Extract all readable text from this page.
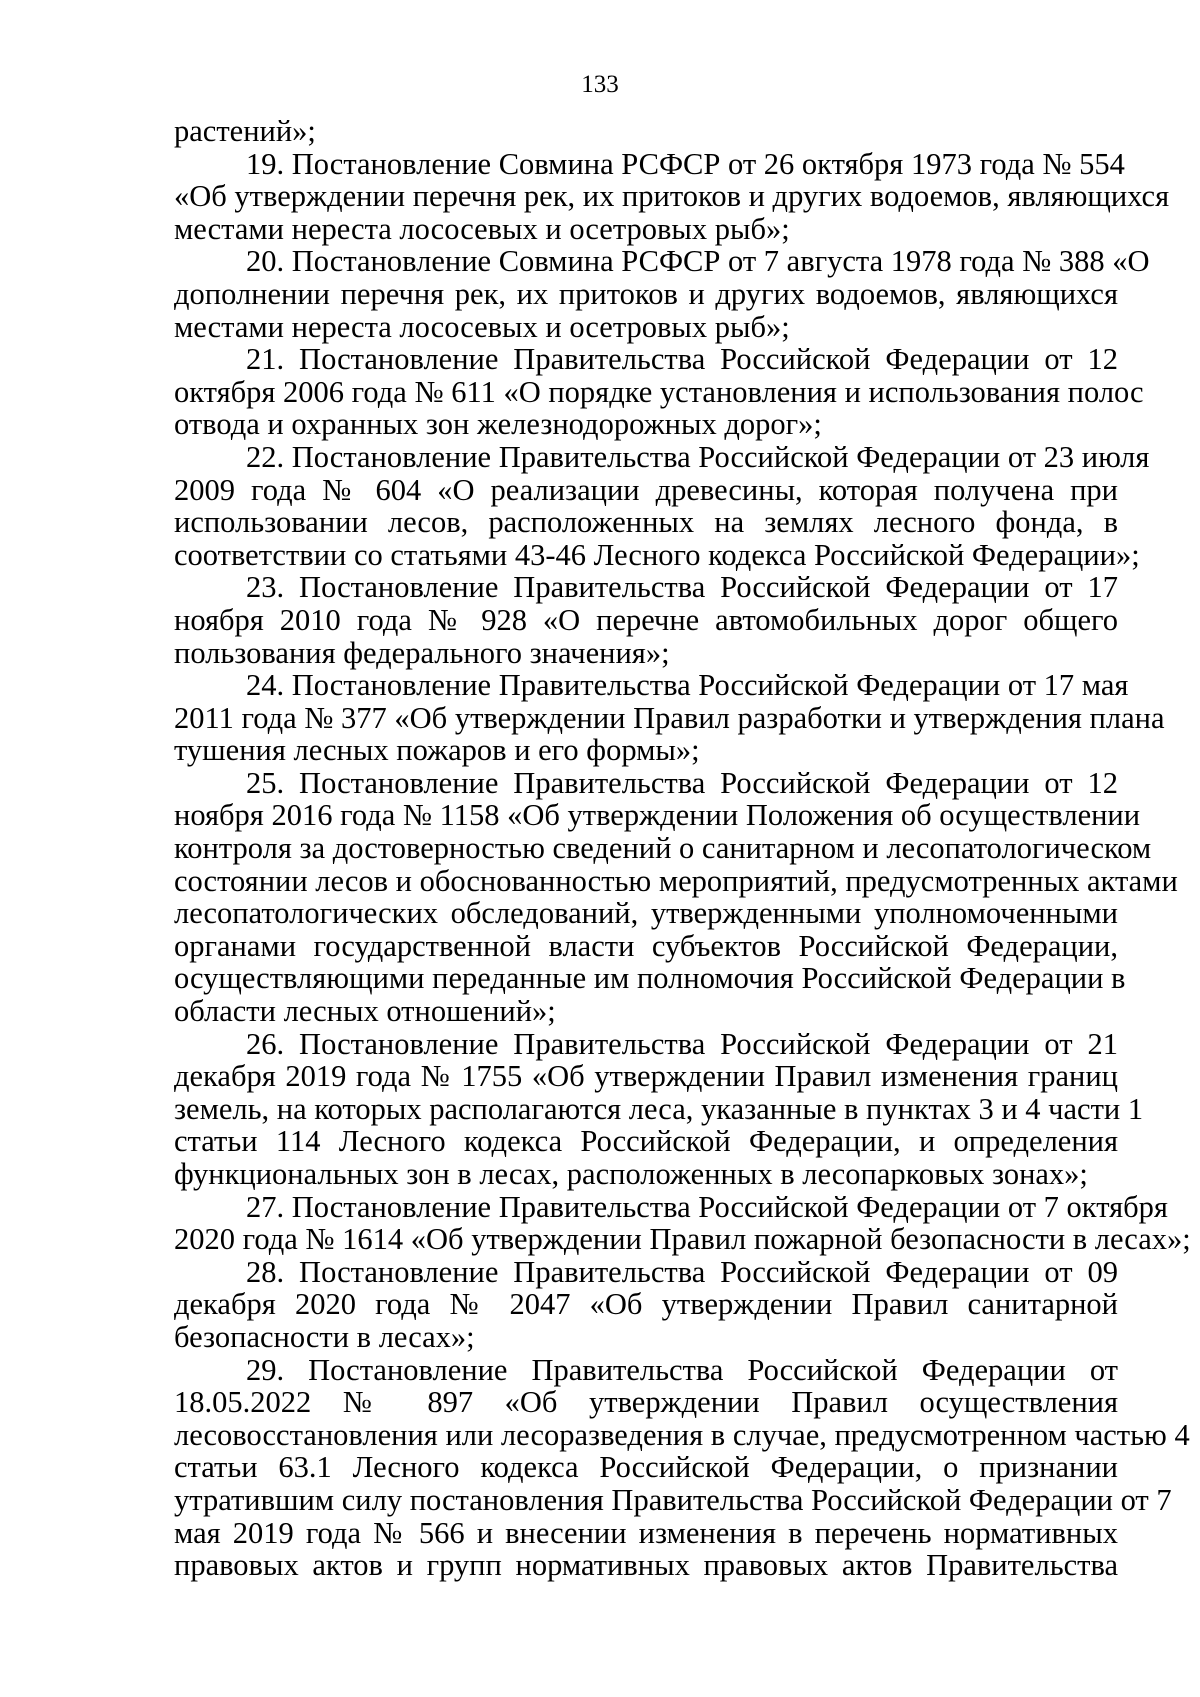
133
растений»;
19. Постановление Совмина РСФСР от 26 октября 1973 года № 554
«Об утверждении перечня рек, их притоков и других водоемов, являющихся
местами нереста лососевых и осетровых рыб»;
20. Постановление Совмина РСФСР от 7 августа 1978 года № 388 «О
дополнении перечня рек, их притоков и других водоемов, являющихся
местами нереста лососевых и осетровых рыб»;
21. Постановление Правительства Российской Федерации от 12
октября 2006 года № 611 «О порядке установления и использования полос
отвода и охранных зон железнодорожных дорог»;
22. Постановление Правительства Российской Федерации от 23 июля
2009 года № 604 «О реализации древесины, которая получена при
использовании лесов, расположенных на землях лесного фонда, в
соответствии со статьями 43-46 Лесного кодекса Российской Федерации»;
23. Постановление Правительства Российской Федерации от 17
ноября 2010 года № 928 «О перечне автомобильных дорог общего
пользования федерального значения»;
24. Постановление Правительства Российской Федерации от 17 мая
2011 года № 377 «Об утверждении Правил разработки и утверждения плана
тушения лесных пожаров и его формы»;
25. Постановление Правительства Российской Федерации от 12
ноября 2016 года № 1158 «Об утверждении Положения об осуществлении
контроля за достоверностью сведений о санитарном и лесопатологическом
состоянии лесов и обоснованностью мероприятий, предусмотренных актами
лесопатологических обследований, утвержденными уполномоченными
органами государственной власти субъектов Российской Федерации,
осуществляющими переданные им полномочия Российской Федерации в
области лесных отношений»;
26. Постановление Правительства Российской Федерации от 21
декабря 2019 года № 1755 «Об утверждении Правил изменения границ
земель, на которых располагаются леса, указанные в пунктах 3 и 4 части 1
статьи 114 Лесного кодекса Российской Федерации, и определения
функциональных зон в лесах, расположенных в лесопарковых зонах»;
27. Постановление Правительства Российской Федерации от 7 октября
2020 года № 1614 «Об утверждении Правил пожарной безопасности в лесах»;
28. Постановление Правительства Российской Федерации от 09
декабря 2020 года № 2047 «Об утверждении Правил санитарной
безопасности в лесах»;
29. Постановление Правительства Российской Федерации от
18.05.2022 № 897 «Об утверждении Правил осуществления
лесовосстановления или лесоразведения в случае, предусмотренном частью 4
статьи 63.1 Лесного кодекса Российской Федерации, о признании
утратившим силу постановления Правительства Российской Федерации от 7
мая 2019 года № 566 и внесении изменения в перечень нормативных
правовых актов и групп нормативных правовых актов Правительства
